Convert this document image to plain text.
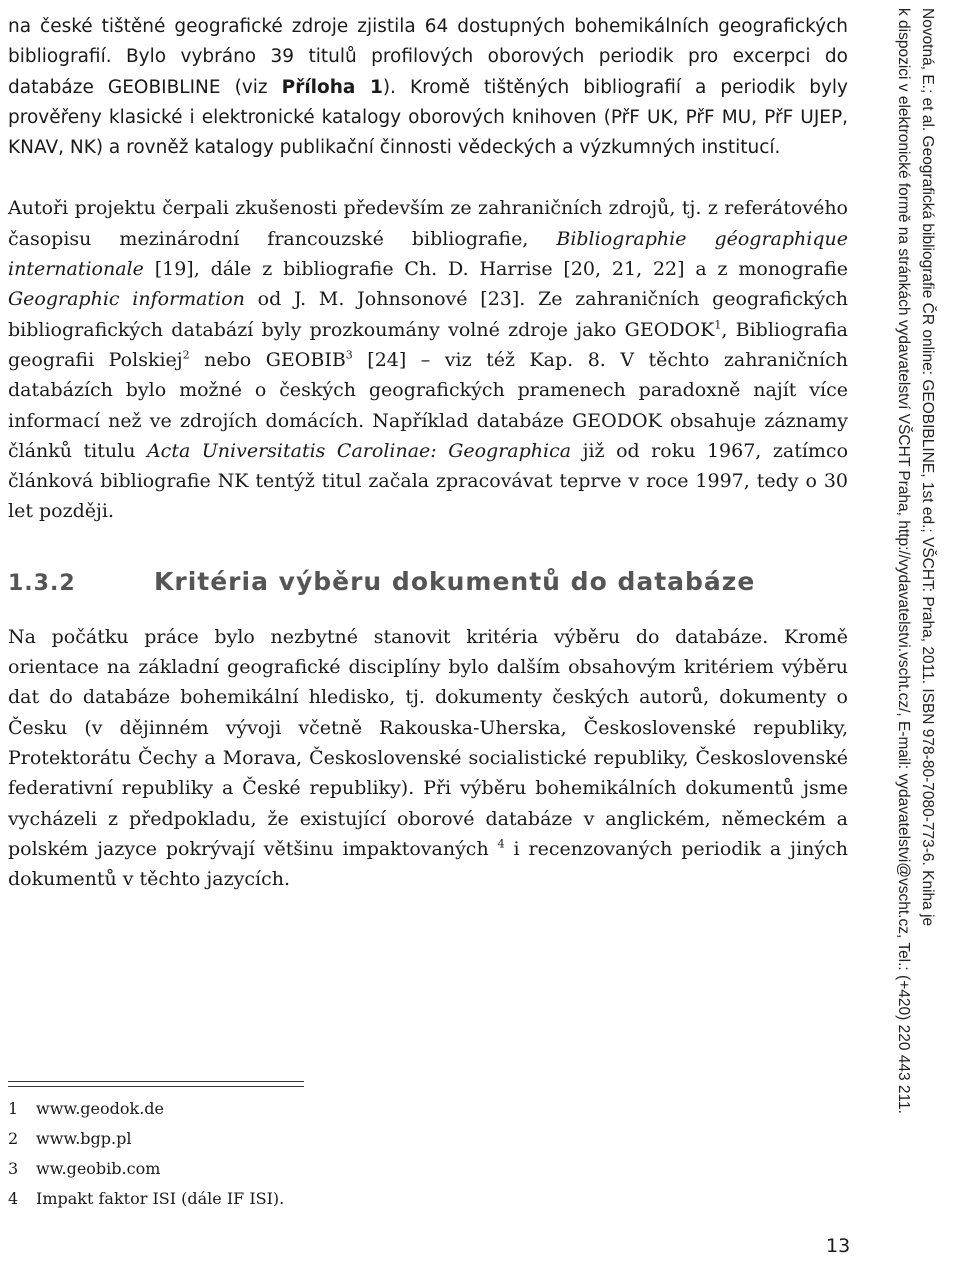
na české tištěné geografické zdroje zjistila 64 dostupných bohemikálních geografických bibliografií. Bylo vybráno 39 titulů profilových oborových periodik pro excerpci do databáze GEOBIBLINE (viz Příloha 1). Kromě tištěných bibliografií a periodik byly prověřeny klasické i elektronické katalogy oborových knihoven (PřF UK, PřF MU, PřF UJEP, KNAV, NK) a rovněž katalogy publikační činnosti vědeckých a výzkumných institucí.

Autoři projektu čerpali zkušenosti především ze zahraničních zdrojů, tj. z referátového časopisu mezinárodní francouzské bibliografie, Bibliographie géographique internationale [19], dále z bibliografie Ch. D. Harrise [20, 21, 22] a z monografie Geographic information od J. M. Johnsonové [23]. Ze zahraničních geografických bibliografických databází byly prozkoumány volné zdroje jako GEODOK$^1$, Bibliografia geografii Polskiej$^2$ nebo GEOBIB$^3$ [24] – viz též Kap. 8. V těchto zahraničních databázích bylo možné o českých geografických pramenech paradoxně najít více informací než ve zdrojích domácích. Například databáze GEODOK obsahuje záznamy článků titulu Acta Universitatis Carolinae: Geographica již od roku 1967, zatímco článková bibliografie NK tentýž titul začala zpracovávat teprve v roce 1997, tedy o 30 let později.

1.3.2	Kritéria výběru dokumentů do databáze

Na počátku práce bylo nezbytné stanovit kritéria výběru do databáze. Kromě orientace na základní geografické disciplíny bylo dalším obsahovým kritériem výběru dat do databáze bohemikální hledisko, tj. dokumenty českých autorů, dokumenty o Česku (v dějinném vývoji včetně Rakouska-Uherska, Československé republiky, Protektorátu Čechy a Morava, Československé socialistické republiky, Československé federativní republiky a České republiky). Při výběru bohemikálních dokumentů jsme vycházeli z předpokladu, že existující oborové databáze v anglickém, německém a polském jazyce pokrývají většinu impaktovaných $^4$ i recenzovaných periodik a jiných dokumentů v těchto jazycích.

1	www.geodok.de
2	www.bgp.pl
3	ww.geobib.com
4	Impakt faktor ISI (dále IF ISI).
13
Novotná, E.; et al. Geografická bibliografie ČR online: GEOBIBLINE, 1st ed.; VŠCHT: Praha, 2011. ISBN 978-80-7080-773-6. Kniha je
k dispozici v elektronické formě na stránkách vydavatelství VŠCHT Praha, http://vydavatelstvi.vscht.cz/, E-mail: vydavatelstvi@vscht.cz, Tel.: (+420) 220 443 211.
